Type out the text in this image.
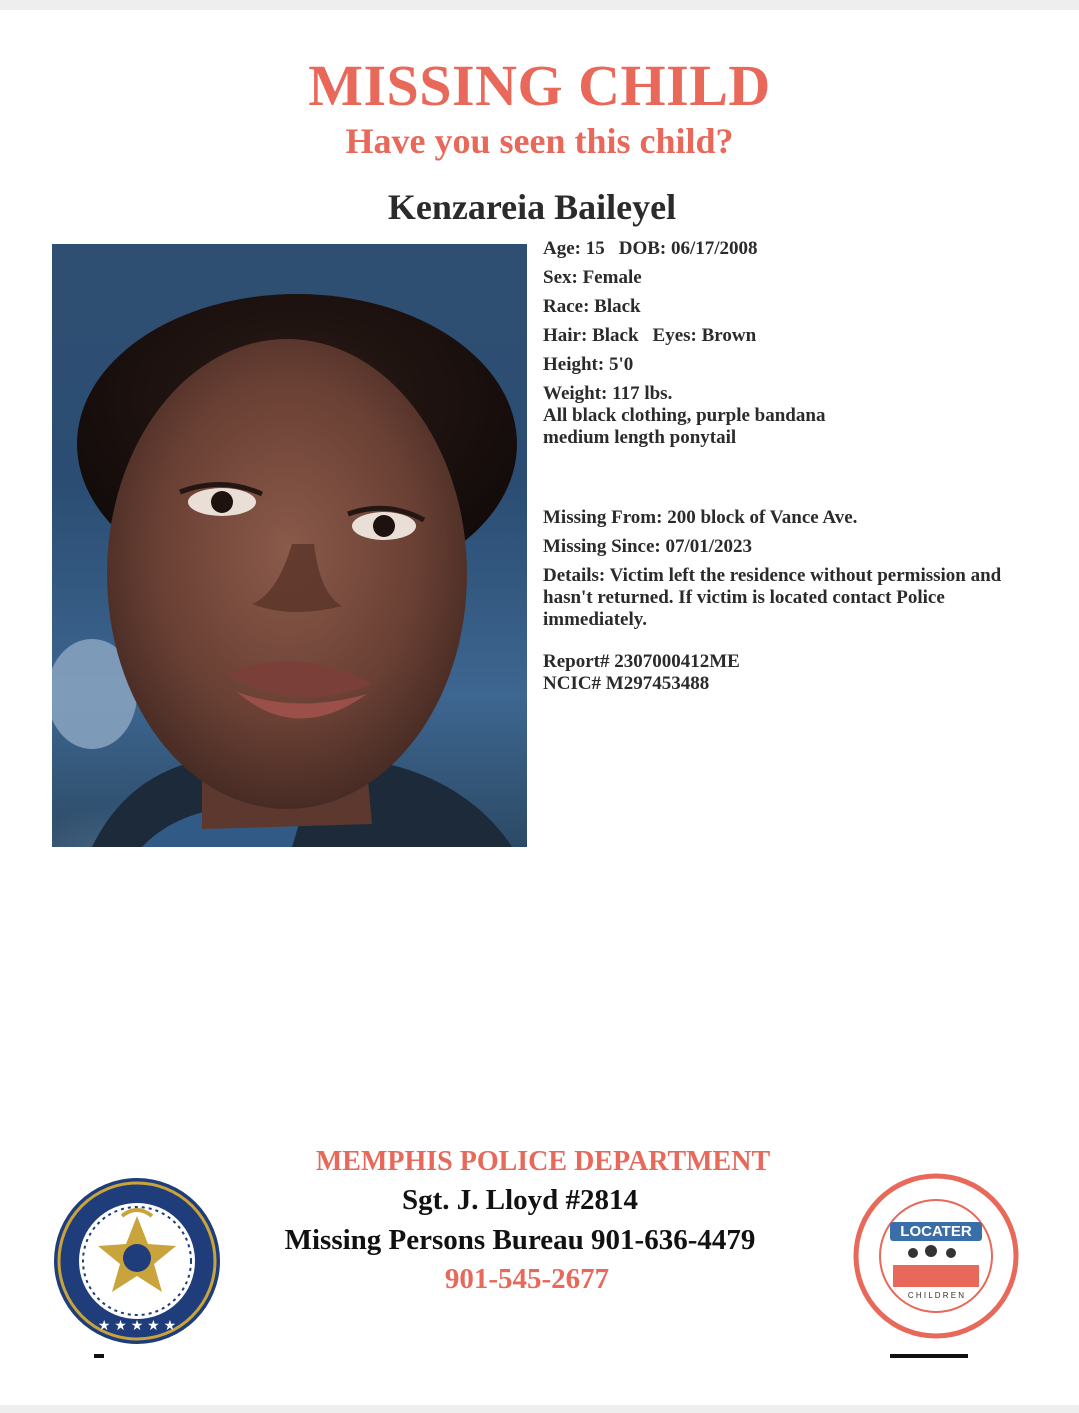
MISSING CHILD
Have you seen this child?
Kenzareia Baileyel
Age: 15 DOB: 06/17/2008
Sex: Female
Race: Black
Hair: Black Eyes: Brown
Height: 5'0
Weight: 117 lbs.
All black clothing, purple bandana
medium length ponytail
Missing From: 200 block of Vance Ave.
Missing Since: 07/01/2023
Details: Victim left the residence without permission and hasn't returned. If victim is located contact Police immediately.
Report# 2307000412ME
NCIC# M297453488
MEMPHIS POLICE DEPARTMENT
Sgt. J. Lloyd #2814
Missing Persons Bureau 901-636-4479
901-545-2677
★ ★ ★ ★ ★
C H I L D R E N
LOCATER
